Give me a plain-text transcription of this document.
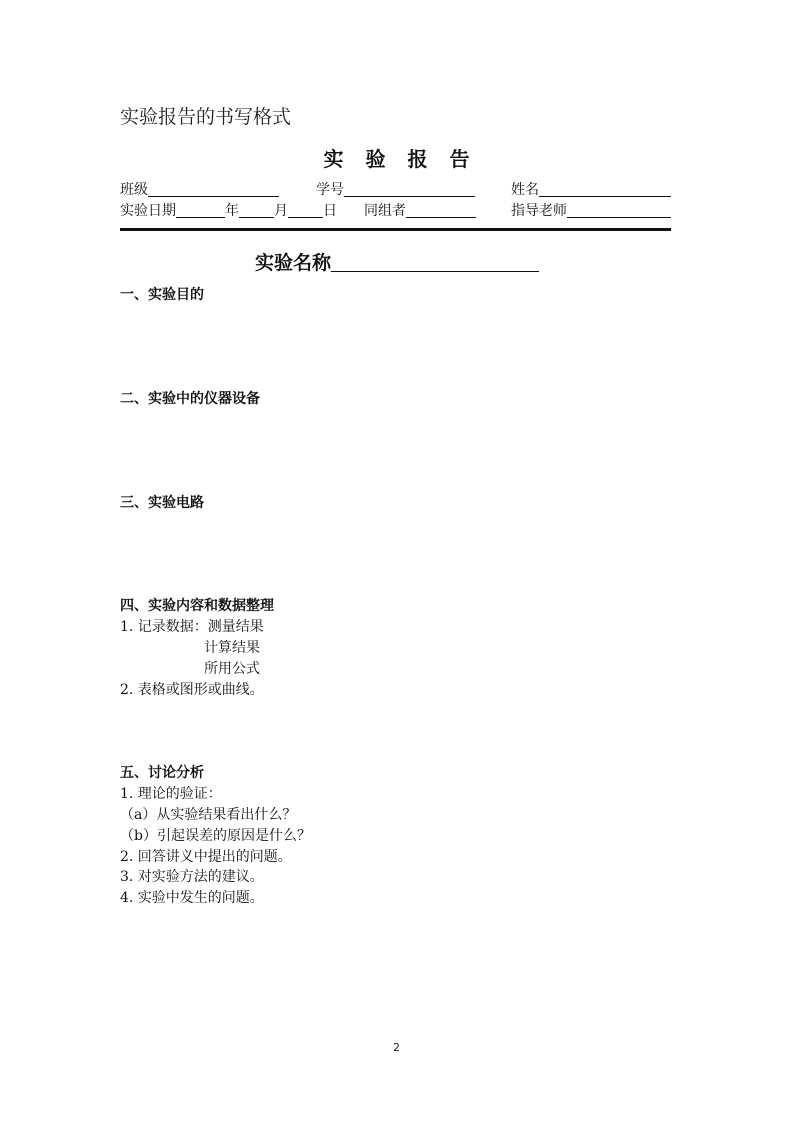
实验报告的书写格式
实验报告
班级	学号	姓名
实验日期	年	月	日 同组者	指导老师
实验名称
一、实验目的
二、实验中的仪器设备
三、实验电路
四、实验内容和数据整理
1. 记录数据：测量结果
计算结果
所用公式
2. 表格或图形或曲线。
五、讨论分析
1. 理论的验证：
（a）从实验结果看出什么？
（b）引起误差的原因是什么？
2. 回答讲义中提出的问题。
3. 对实验方法的建议。
4. 实验中发生的问题。
2
